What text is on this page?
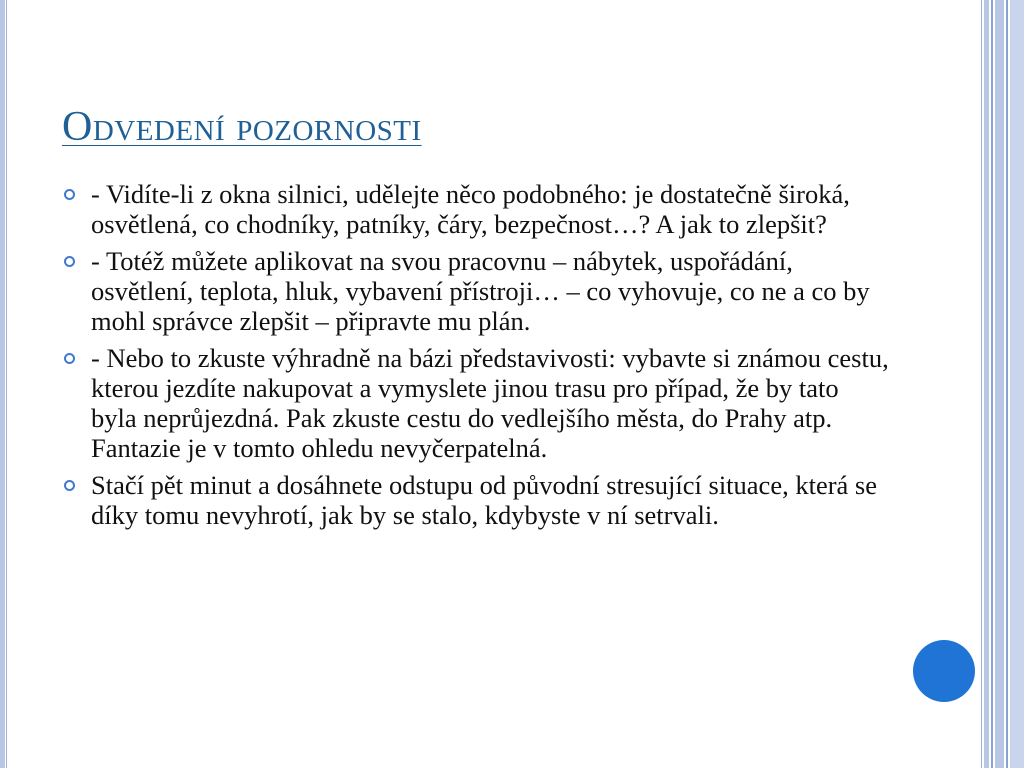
Odvedení pozornosti
- Vidíte-li z okna silnici, udělejte něco podobného: je dostatečně široká, osvětlená, co chodníky, patníky, čáry, bezpečnost…? A jak to zlepšit?
- Totéž můžete aplikovat na svou pracovnu – nábytek, uspořádání, osvětlení, teplota, hluk, vybavení přístroji… – co vyhovuje, co ne a co by mohl správce zlepšit – připravte mu plán.
- Nebo to zkuste výhradně na bázi představivosti: vybavte si známou cestu, kterou jezdíte nakupovat a vymyslete jinou trasu pro případ, že by tato byla neprůjezdná. Pak zkuste cestu do vedlejšího města, do Prahy atp. Fantazie je v tomto ohledu nevyčerpatelná.
Stačí pět minut a dosáhnete odstupu od původní stresující situace, která se díky tomu nevyhrotí, jak by se stalo, kdybyste v ní setrvali.
